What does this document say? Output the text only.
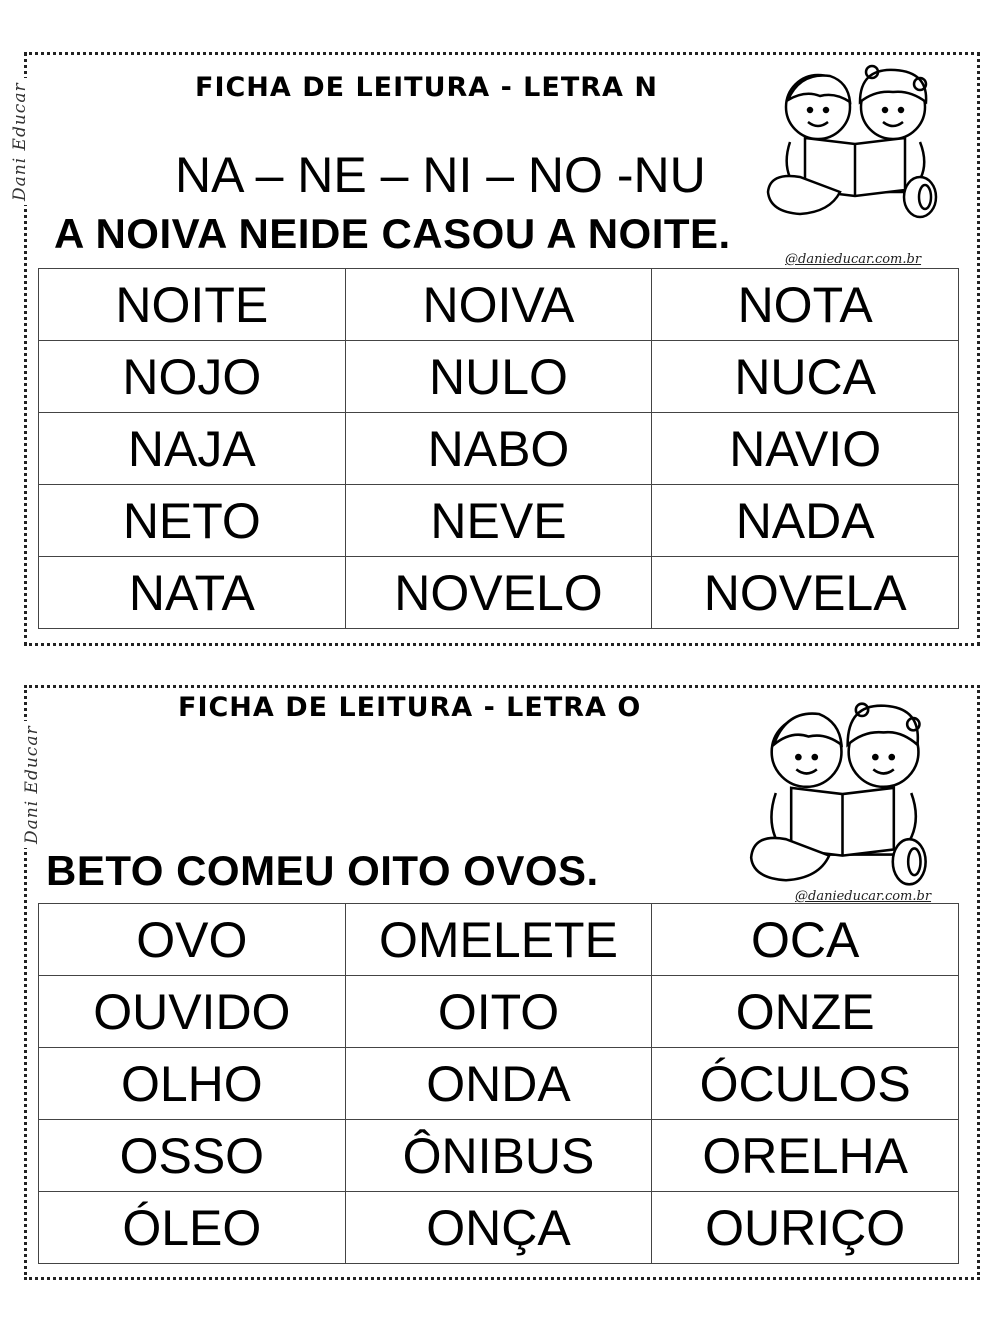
Dani Educar	FICHA DE LEITURA - LETRA N
NA – NE – NI – NO -NU
A NOIVA NEIDE CASOU A NOITE.
@danieducar.com.br
NOITE	NOIVA	NOTA
NOJO	NULO	NUCA
NAJA	NABO	NAVIO
NETO	NEVE	NADA
NATA	NOVELO	NOVELA
Dani Educar
FICHA DE LEITURA - LETRA O
BETO COMEU OITO OVOS.
@danieducar.com.br
OVO	OMELETE	OCA
OUVIDO	OITO	ONZE
OLHO	ONDA	ÓCULOS
OSSO	ÔNIBUS	ORELHA
ÓLEO	ONÇA	OURIÇO
